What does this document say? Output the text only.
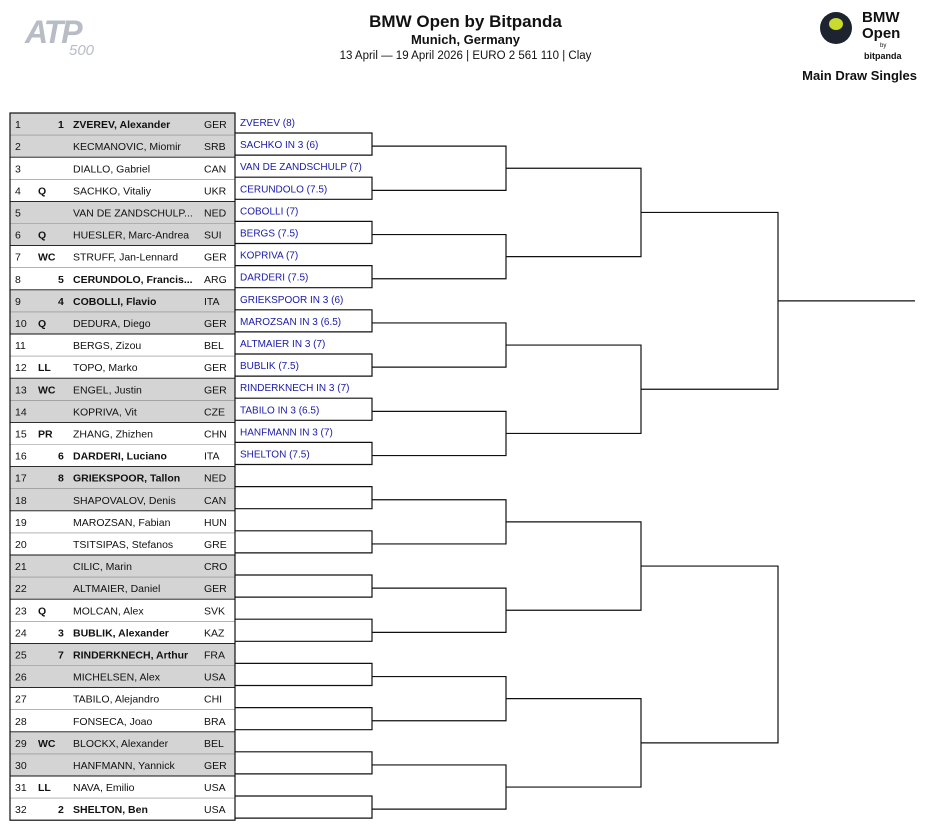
ATP
500
BMW Open by Bitpanda
Munich, Germany
13 April — 19 April 2026 | EURO 2 561 110 | Clay
BMW
Open
by
bitpanda
Main Draw Singles
1	1 ZVEREV, Alexander	GER
2	KECMANOVIC, Miomir SRB
3	DIALLO, Gabriel	CAN
4 Q	SACHKO, Vitaliy	UKR
5	VAN DE ZANDSCHULP... NED
6 Q	HUESLER, Marc-Andrea SUI
7 WC STRUFF, Jan-Lennard GER
8	5 CERUNDOLO, Francis... ARG
9	4 COBOLLI, Flavio	ITA
10 Q	DEDURA, Diego	GER
11	BERGS, Zizou	BEL
12 LL TOPO, Marko	GER
13 WC ENGEL, Justin	GER
14	KOPRIVA, Vit	CZE
15 PR ZHANG, Zhizhen	CHN
16	6 DARDERI, Luciano	ITA
17	8 GRIEKSPOOR, Tallon NED
18	SHAPOVALOV, Denis	CAN
19	MAROZSAN, Fabian	HUN
20	TSITSIPAS, Stefanos	GRE
21	CILIC, Marin	CRO
22	ALTMAIER, Daniel	GER
23 Q	MOLCAN, Alex	SVK
24	3 BUBLIK, Alexander	KAZ
25	7 RINDERKNECH, Arthur FRA
26	MICHELSEN, Alex	USA
27	TABILO, Alejandro	CHI
28	FONSECA, Joao	BRA
29 WC BLOCKX, Alexander	BEL
30	HANFMANN, Yannick	GER
31 LL NAVA, Emilio	USA
32	2 SHELTON, Ben	USA
ZVEREV (8)
SACHKO IN 3 (6)
VAN DE ZANDSCHULP (7)
CERUNDOLO (7.5)
COBOLLI (7)
BERGS (7.5)
KOPRIVA (7)
DARDERI (7.5)
GRIEKSPOOR IN 3 (6)
MAROZSAN IN 3 (6.5)
ALTMAIER IN 3 (7)
BUBLIK (7.5)
RINDERKNECH IN 3 (7)
TABILO IN 3 (6.5)
HANFMANN IN 3 (7)
SHELTON (7.5)
